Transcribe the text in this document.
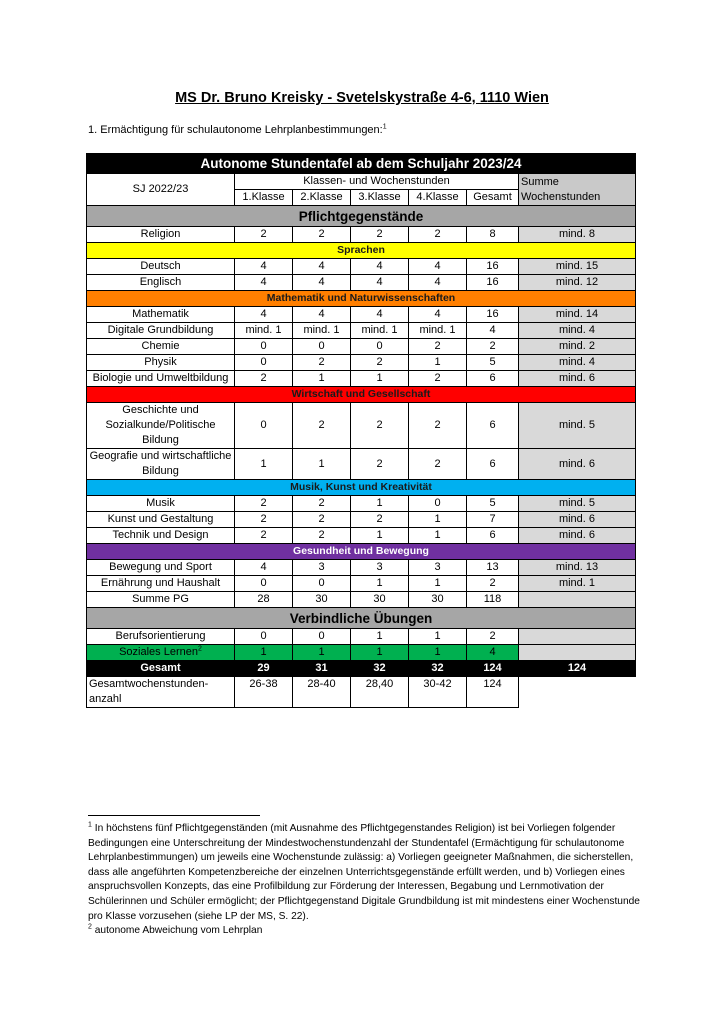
MS Dr. Bruno Kreisky - Svetelskystraße 4-6, 1110 Wien
1. Ermächtigung für schulautonome Lehrplanbestimmungen:$^1$
Autonome Stundentafel ab dem Schuljahr 2023/24						
SJ 2022/23	Klassen- und Wochenstunden					Summe Wochenstunden
	1.Klasse	2.Klasse	3.Klasse	4.Klasse	Gesamt	
Pflichtgegenstände						
Religion	2	2	2	2	8	mind. 8
Sprachen						
Deutsch	4	4	4	4	16	mind. 15
Englisch	4	4	4	4	16	mind. 12
Mathematik und Naturwissenschaften						
Mathematik	4	4	4	4	16	mind. 14
Digitale Grundbildung	mind. 1	mind. 1	mind. 1	mind. 1	4	mind. 4
Chemie	0	0	0	2	2	mind. 2
Physik	0	2	2	1	5	mind. 4
Biologie und Umweltbildung	2	1	1	2	6	mind. 6
Wirtschaft und Gesellschaft						
Geschichte und Sozialkunde/Politische Bildung	0	2	2	2	6	mind. 5
Geografie und wirtschaftliche Bildung	1	1	2	2	6	mind. 6
Musik, Kunst und Kreativität						
Musik	2	2	1	0	5	mind. 5
Kunst und Gestaltung	2	2	2	1	7	mind. 6
Technik und Design	2	2	1	1	6	mind. 6
Gesundheit und Bewegung						
Bewegung und Sport	4	3	3	3	13	mind. 13
Ernährung und Haushalt	0	0	1	1	2	mind. 1
Summe PG	28	30	30	30	118	
Verbindliche Übungen						
Berufsorientierung	0	0	1	1	2	
Soziales Lernen$^2$	1	1	1	1	4	
Gesamt	29	31	32	32	124	124
Gesamtwochenstunden-anzahl	26-38	28-40	28,40	30-42	124	
$^1$ In höchstens fünf Pflichtgegenständen (mit Ausnahme des Pflichtgegenstandes Religion) ist bei Vorliegen folgender Bedingungen eine Unterschreitung der Mindestwochenstundenzahl der Stundentafel (Ermächtigung für schulautonome Lehrplanbestimmungen) um jeweils eine Wochenstunde zulässig: a) Vorliegen geeigneter Maßnahmen, die sicherstellen, dass alle angeführten Kompetenzbereiche der einzelnen Unterrichtsgegenstände erfüllt werden, und b) Vorliegen eines anspruchsvollen Konzepts, das eine Profilbildung zur Förderung der Interessen, Begabung und Lernmotivation der Schülerinnen und Schüler ermöglicht; der Pflichtgegenstand Digitale Grundbildung ist mit mindestens einer Wochenstunde pro Klasse vorzusehen (siehe LP der MS, S. 22).
$^2$ autonome Abweichung vom Lehrplan
